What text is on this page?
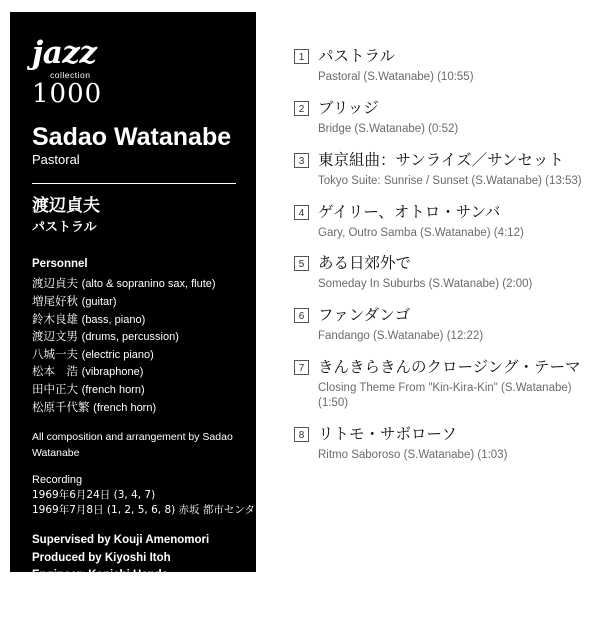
jazz
collection
1000
Sadao Watanabe
Pastoral
渡辺貞夫
パストラル
Personnel
渡辺貞夫 (alto & sopranino sax, flute)
増尾好秋 (guitar)
鈴木良雄 (bass, piano)
渡辺文男 (drums, percussion)
八城一夫 (electric piano)
松本　浩 (vibraphone)
田中正大 (french horn)
松原千代繁 (french horn)
All composition and arrangement by Sadao Watanabe
Recording
1969年6月24日 (3, 4, 7)
1969年7月8日 (1, 2, 5, 6, 8) 赤坂 都市センターホール
Supervised by Kouji Amenomori
Produced by Kiyoshi Itoh
Engineer: Kenichi Handa
Design: Mitsuru Yamada
Photo: Katsuji Abe
1 パストラル
Pastoral (S.Watanabe) (10:55)
2 ブリッジ
Bridge (S.Watanabe) (0:52)
3 東京組曲：サンライズ／サンセット
Tokyo Suite: Sunrise / Sunset (S.Watanabe) (13:53)
4 ゲイリー、オトロ・サンバ
Gary, Outro Samba (S.Watanabe) (4:12)
5 ある日郊外で
Someday In Suburbs (S.Watanabe) (2:00)
6 ファンダンゴ
Fandango (S.Watanabe) (12:22)
7 きんきらきんのクロージング・テーマ
Closing Theme From "Kin-Kira-Kin" (S.Watanabe) (1:50)
8 リトモ・サボローソ
Ritmo Saboroso (S.Watanabe) (1:03)
